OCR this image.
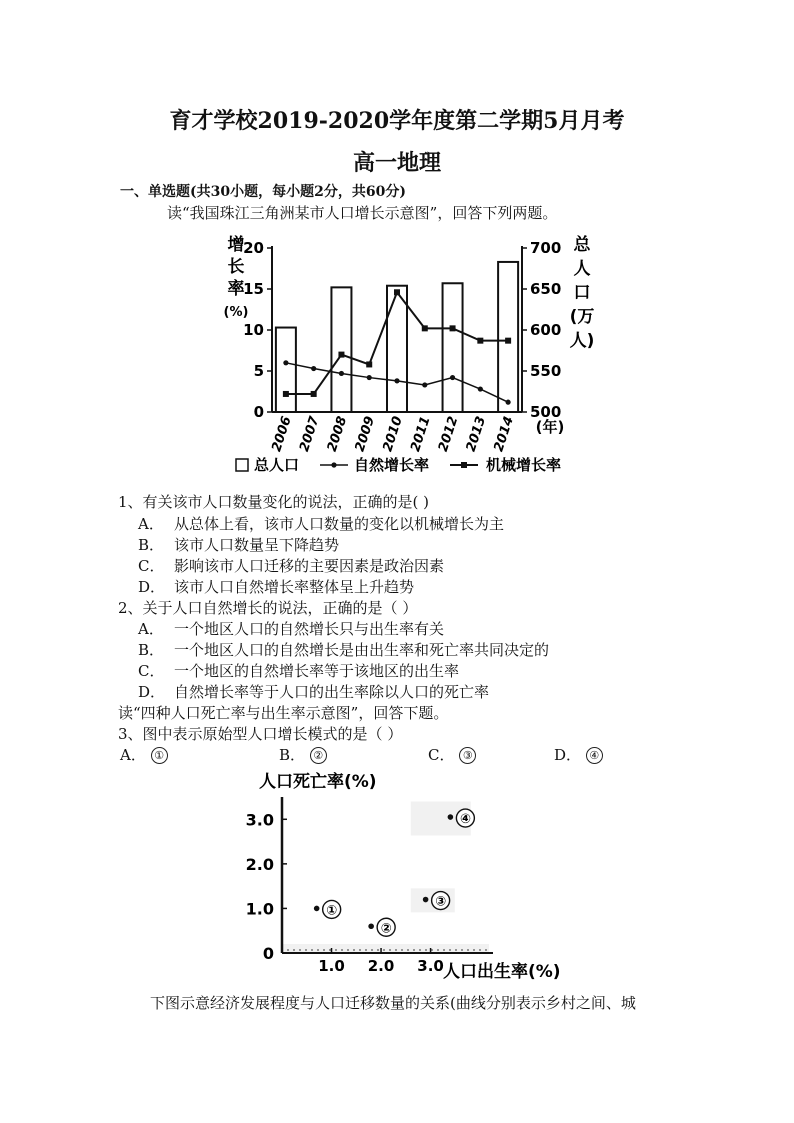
育才学校2019-2020学年度第二学期5月月考
高一地理
一、单选题(共30小题，每小题2分，共60分)
读“我国珠江三角洲某市人口增长示意图”，回答下列两题。
0
5
10
15
20
500
550
600
650
700
增
长
率
(%)
总
人
口
(万
人)
2006 2007 2008 2009 2010 2011 2012 2013 2014 (年)
总人口	自然增长率	机械增长率
1、有关该市人口数量变化的说法，正确的是( )
A． 从总体上看，该市人口数量的变化以机械增长为主
B． 该市人口数量呈下降趋势
C． 影响该市人口迁移的主要因素是政治因素
D． 该市人口自然增长率整体呈上升趋势
2、关于人口自然增长的说法，正确的是（ ）
A． 一个地区人口的自然增长只与出生率有关
B． 一个地区人口的自然增长是由出生率和死亡率共同决定的
C． 一个地区的自然增长率等于该地区的出生率
D． 自然增长率等于人口的出生率除以人口的死亡率
读“四种人口死亡率与出生率示意图”，回答下题。
3、图中表示原始型人口增长模式的是（ ）
A． ①	B． ②	C． ③	D． ④
0
1.0
2.0
3.0
1.0 2.0 3.0
人口死亡率(%)
人口出生率(%)
①
②
③
④
下图示意经济发展程度与人口迁移数量的关系(曲线分别表示乡村之间、城
